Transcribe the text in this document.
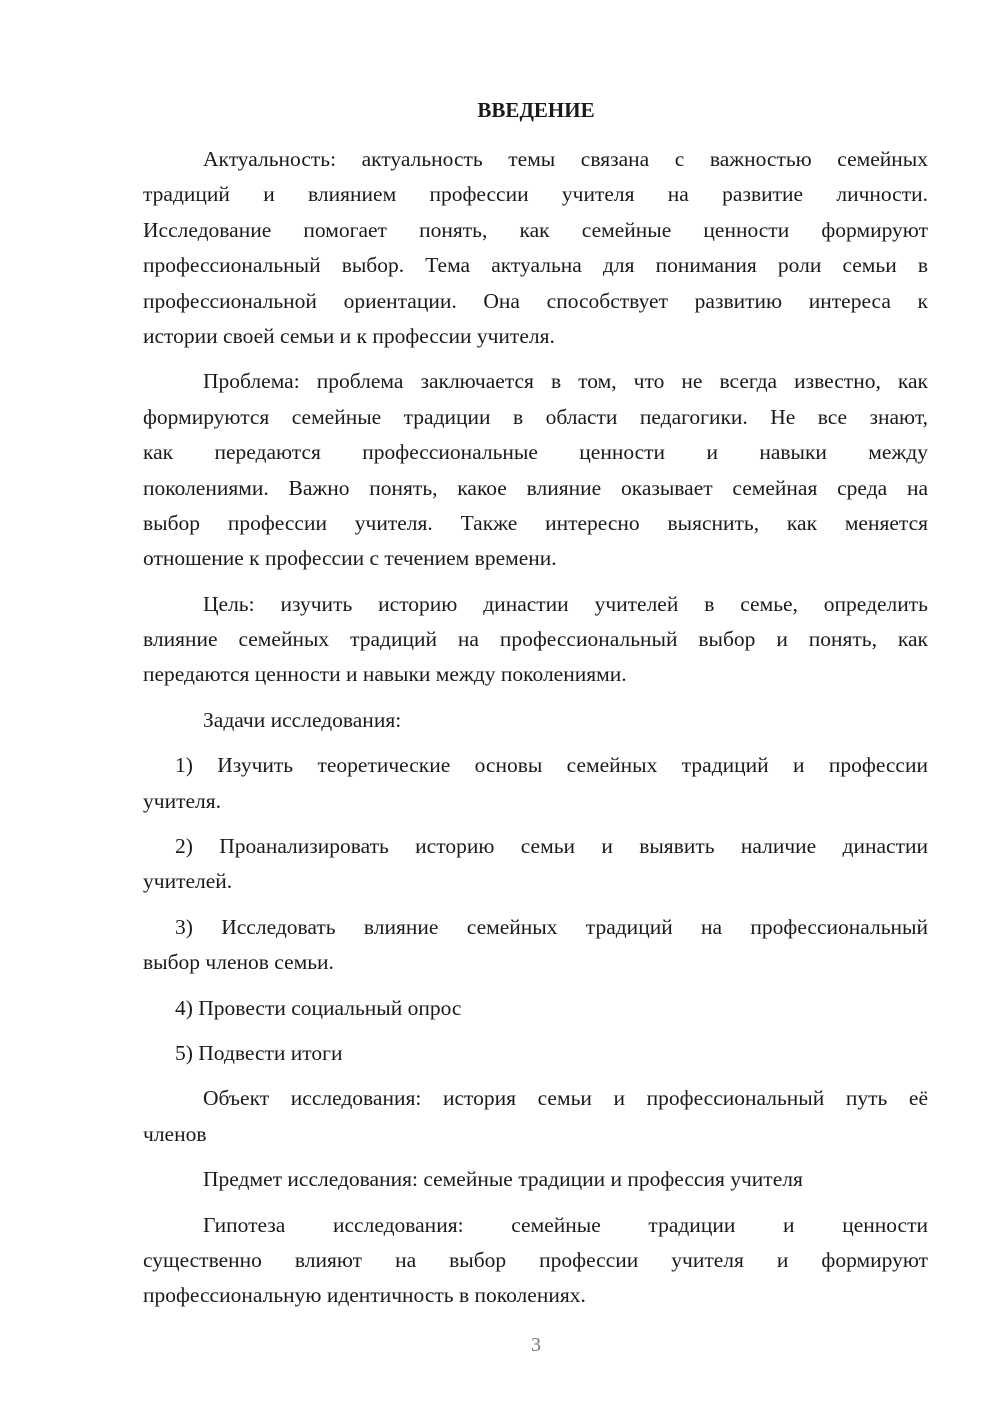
ВВЕДЕНИЕ
Актуальность: актуальность темы связана с важностью семейных
традиций и влиянием профессии учителя на развитие личности.
Исследование помогает понять, как семейные ценности формируют
профессиональный выбор. Тема актуальна для понимания роли семьи в
профессиональной ориентации. Она способствует развитию интереса к
истории своей семьи и к профессии учителя.
Проблема: проблема заключается в том, что не всегда известно, как
формируются семейные традиции в области педагогики. Не все знают,
как передаются профессиональные ценности и навыки между
поколениями. Важно понять, какое влияние оказывает семейная среда на
выбор профессии учителя. Также интересно выяснить, как меняется
отношение к профессии с течением времени.
Цель: изучить историю династии учителей в семье, определить
влияние семейных традиций на профессиональный выбор и понять, как
передаются ценности и навыки между поколениями.
Задачи исследования:
1) Изучить теоретические основы семейных традиций и профессии
учителя.
2) Проанализировать историю семьи и выявить наличие династии
учителей.
3) Исследовать влияние семейных традиций на профессиональный
выбор членов семьи.
4) Провести социальный опрос
5) Подвести итоги
Объект исследования: история семьи и профессиональный путь её
членов
Предмет исследования: семейные традиции и профессия учителя
Гипотеза исследования: семейные традиции и ценности
существенно влияют на выбор профессии учителя и формируют
профессиональную идентичность в поколениях.
3
